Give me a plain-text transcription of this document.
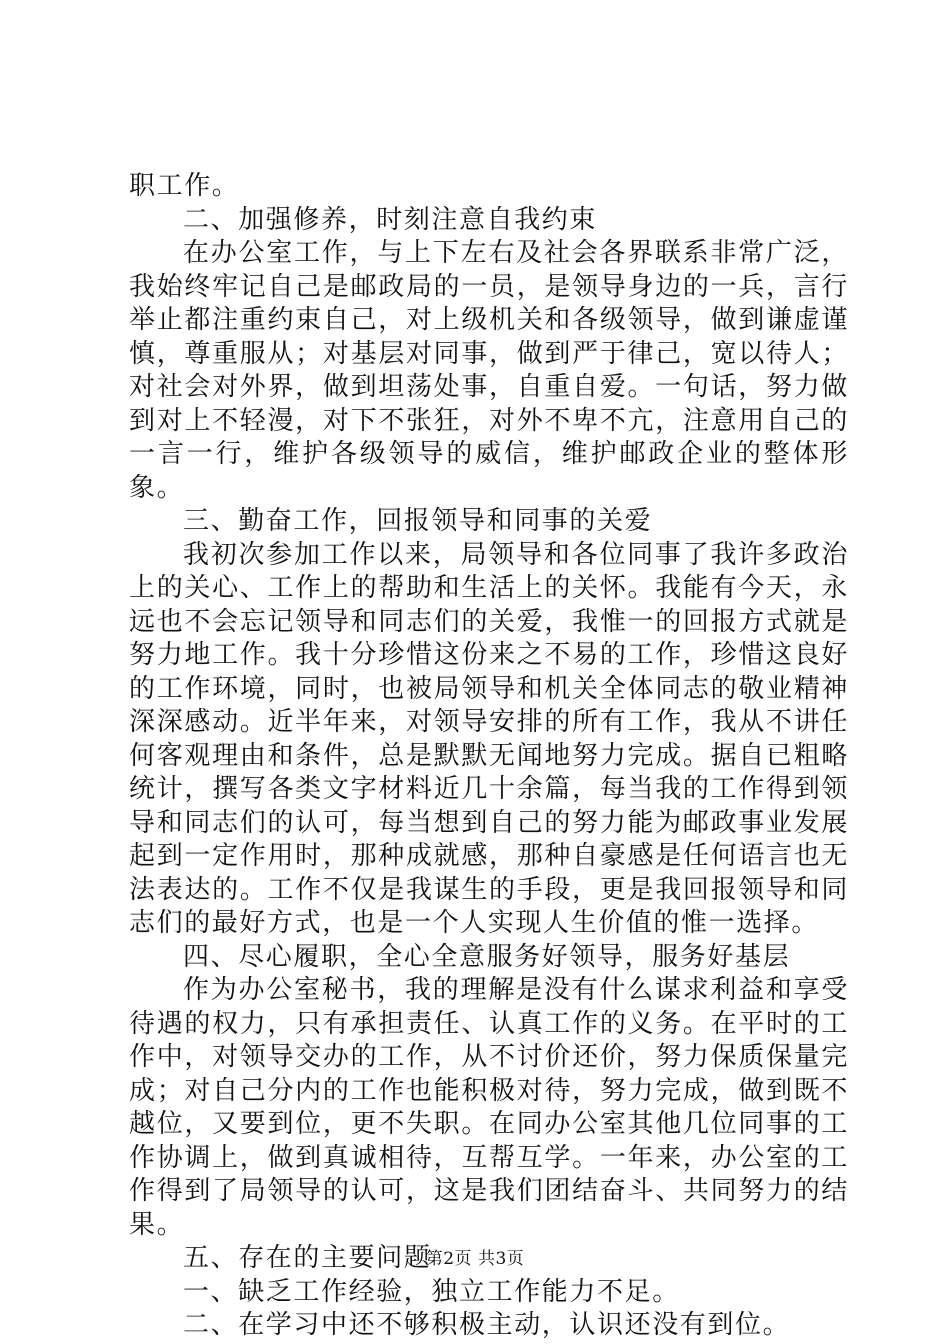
职工作。

二、加强修养，时刻注意自我约束

在办公室工作，与上下左右及社会各界联系非常广泛，我始终牢记自己是邮政局的一员，是领导身边的一兵，言行举止都注重约束自己，对上级机关和各级领导，做到谦虚谨慎，尊重服从；对基层对同事，做到严于律己，宽以待人；对社会对外界，做到坦荡处事，自重自爱。一句话，努力做到对上不轻漫，对下不张狂，对外不卑不亢，注意用自己的一言一行，维护各级领导的威信，维护邮政企业的整体形象。

三、勤奋工作，回报领导和同事的关爱

我初次参加工作以来，局领导和各位同事了我许多政治上的关心、工作上的帮助和生活上的关怀。我能有今天，永远也不会忘记领导和同志们的关爱，我惟一的回报方式就是努力地工作。我十分珍惜这份来之不易的工作，珍惜这良好的工作环境，同时，也被局领导和机关全体同志的敬业精神深深感动。近半年来，对领导安排的所有工作，我从不讲任何客观理由和条件，总是默默无闻地努力完成。据自已粗略统计，撰写各类文字材料近几十余篇，每当我的工作得到领导和同志们的认可，每当想到自己的努力能为邮政事业发展起到一定作用时，那种成就感，那种自豪感是任何语言也无法表达的。工作不仅是我谋生的手段，更是我回报领导和同志们的最好方式，也是一个人实现人生价值的惟一选择。

四、尽心履职，全心全意服务好领导，服务好基层

作为办公室秘书，我的理解是没有什么谋求利益和享受待遇的权力，只有承担责任、认真工作的义务。在平时的工作中，对领导交办的工作，从不讨价还价，努力保质保量完成；对自己分内的工作也能积极对待，努力完成，做到既不越位，又要到位，更不失职。在同办公室其他几位同事的工作协调上，做到真诚相待，互帮互学。一年来，办公室的工作得到了局领导的认可，这是我们团结奋斗、共同努力的结果。

五、存在的主要问题

一、缺乏工作经验，独立工作能力不足。

二、在学习中还不够积极主动，认识还没有到位。

第2页 共3页
